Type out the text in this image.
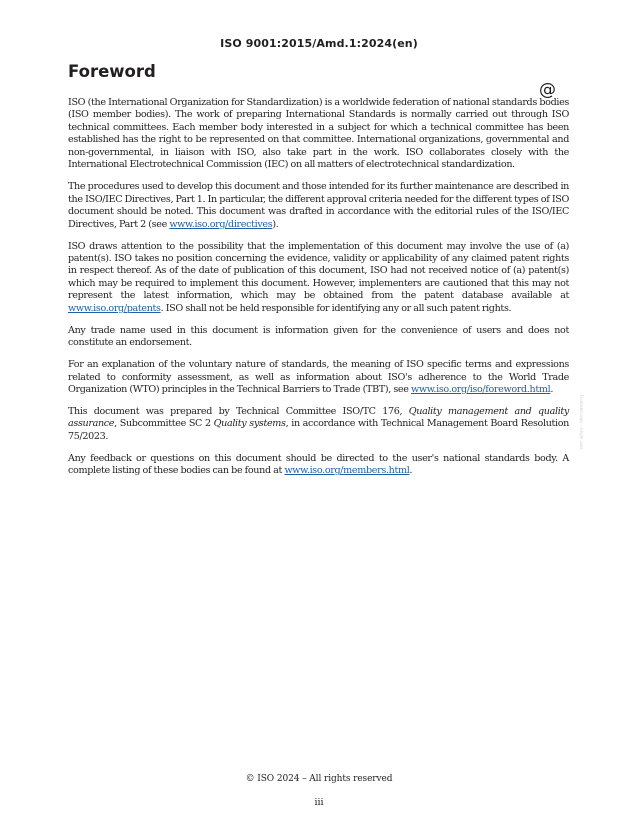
ISO 9001:2015/Amd.1:2024(en)
Foreword
@

ISO (the International Organization for Standardization) is a worldwide federation of national standards bodies (ISO member bodies). The work of preparing International Standards is normally carried out through ISO technical committees. Each member body interested in a subject for which a technical committee has been established has the right to be represented on that committee. International organizations, governmental and non-governmental, in liaison with ISO, also take part in the work. ISO collaborates closely with the International Electrotechnical Commission (IEC) on all matters of electrotechnical standardization.

The procedures used to develop this document and those intended for its further maintenance are described in the ISO/IEC Directives, Part 1. In particular, the different approval criteria needed for the different types of ISO document should be noted. This document was drafted in accordance with the editorial rules of the ISO/IEC Directives, Part 2 (see www.iso.org/directives).

ISO draws attention to the possibility that the implementation of this document may involve the use of (a) patent(s). ISO takes no position concerning the evidence, validity or applicability of any claimed patent rights in respect thereof. As of the date of publication of this document, ISO had not received notice of (a) patent(s) which may be required to implement this document. However, implementers are cautioned that this may not represent the latest information, which may be obtained from the patent database available at www.iso.org/patents. ISO shall not be held responsible for identifying any or all such patent rights.

Any trade name used in this document is information given for the convenience of users and does not constitute an endorsement.

For an explanation of the voluntary nature of standards, the meaning of ISO specific terms and expressions related to conformity assessment, as well as information about ISO's adherence to the World Trade Organization (WTO) principles in the Technical Barriers to Trade (TBT), see www.iso.org/iso/foreword.html.

This document was prepared by Technical Committee ISO/TC 176, Quality management and quality assurance, Subcommittee SC 2 Quality systems, in accordance with Technical Management Board Resolution 75/2023.

Any feedback or questions on this document should be directed to the user's national standards body. A complete listing of these bodies can be found at www.iso.org/members.html.

Licensed copy - single user
© ISO 2024 – All rights reserved
iii
